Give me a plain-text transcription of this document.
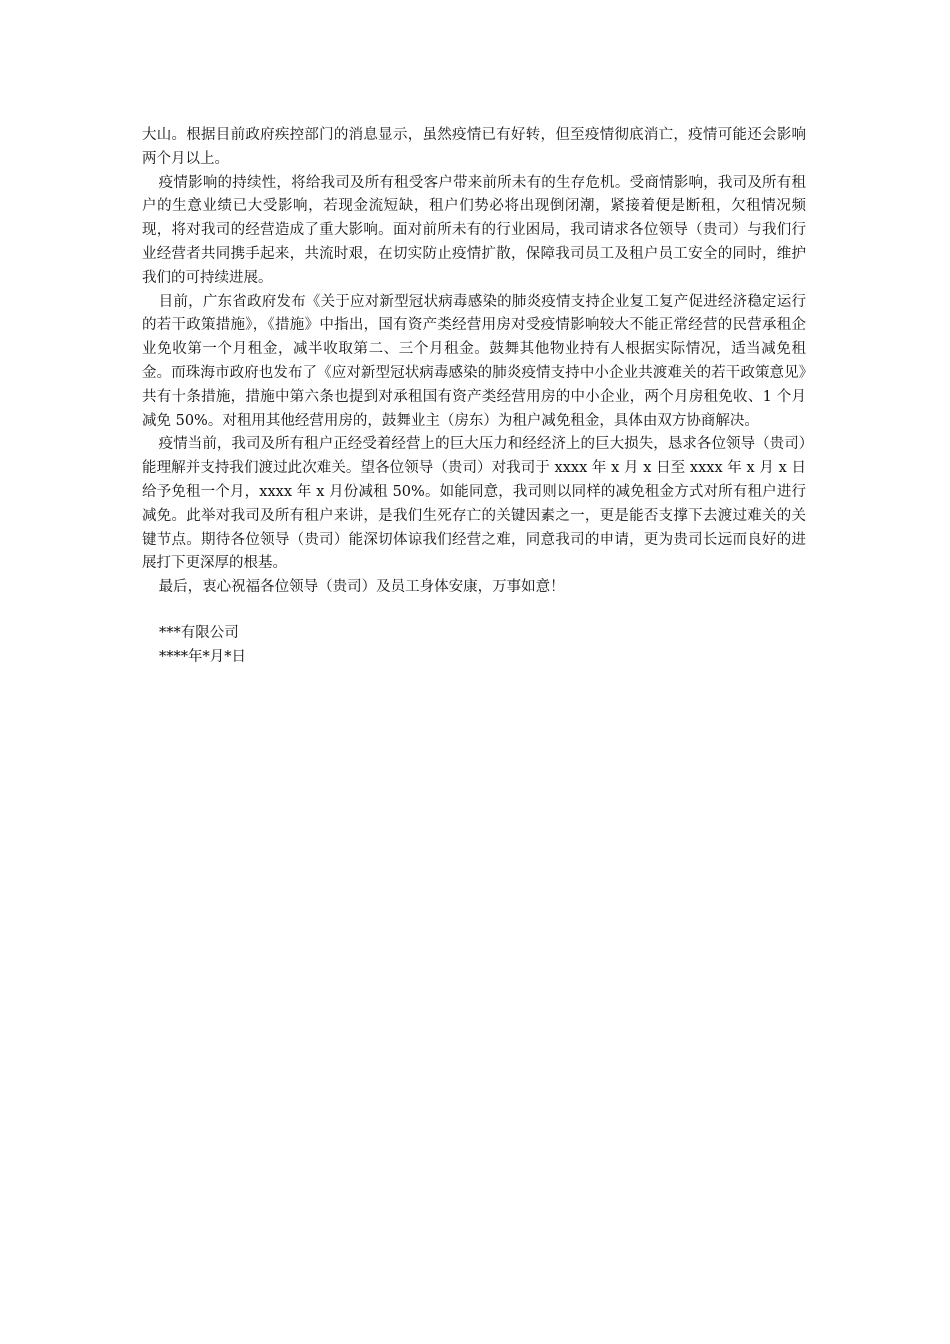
大山。根据目前政府疾控部门的消息显示，虽然疫情已有好转，但至疫情彻底消亡，疫情可能还会影响两个月以上。

疫情影响的持续性，将给我司及所有租受客户带来前所未有的生存危机。受商情影响，我司及所有租户的生意业绩已大受影响，若现金流短缺，租户们势必将出现倒闭潮，紧接着便是断租，欠租情况频现，将对我司的经营造成了重大影响。面对前所未有的行业困局，我司请求各位领导（贵司）与我们行业经营者共同携手起来，共流时艰，在切实防止疫情扩散，保障我司员工及租户员工安全的同时，维护我们的可持续进展。

目前，广东省政府发布《关于应对新型冠状病毒感染的肺炎疫情支持企业复工复产促进经济稳定运行的若干政策措施》，《措施》中指出，国有资产类经营用房对受疫情影响较大不能正常经营的民营承租企业免收第一个月租金，减半收取第二、三个月租金。鼓舞其他物业持有人根据实际情况，适当减免租金。而珠海市政府也发布了《应对新型冠状病毒感染的肺炎疫情支持中小企业共渡难关的若干政策意见》共有十条措施，措施中第六条也提到对承租国有资产类经营用房的中小企业，两个月房租免收、1 个月减免 50%。对租用其他经营用房的，鼓舞业主（房东）为租户减免租金，具体由双方协商解决。

疫情当前，我司及所有租户正经受着经营上的巨大压力和经经济上的巨大损失，恳求各位领导（贵司）能理解并支持我们渡过此次难关。望各位领导（贵司）对我司于 xxxx 年 x 月 x 日至 xxxx 年 x 月 x 日给予免租一个月，xxxx 年 x 月份减租 50%。如能同意，我司则以同样的减免租金方式对所有租户进行减免。此举对我司及所有租户来讲，是我们生死存亡的关键因素之一，更是能否支撑下去渡过难关的关键节点。期待各位领导（贵司）能深切体谅我们经营之难，同意我司的申请，更为贵司长远而良好的进展打下更深厚的根基。

最后，衷心祝福各位领导（贵司）及员工身体安康，万事如意！

***有限公司
****年*月*日
